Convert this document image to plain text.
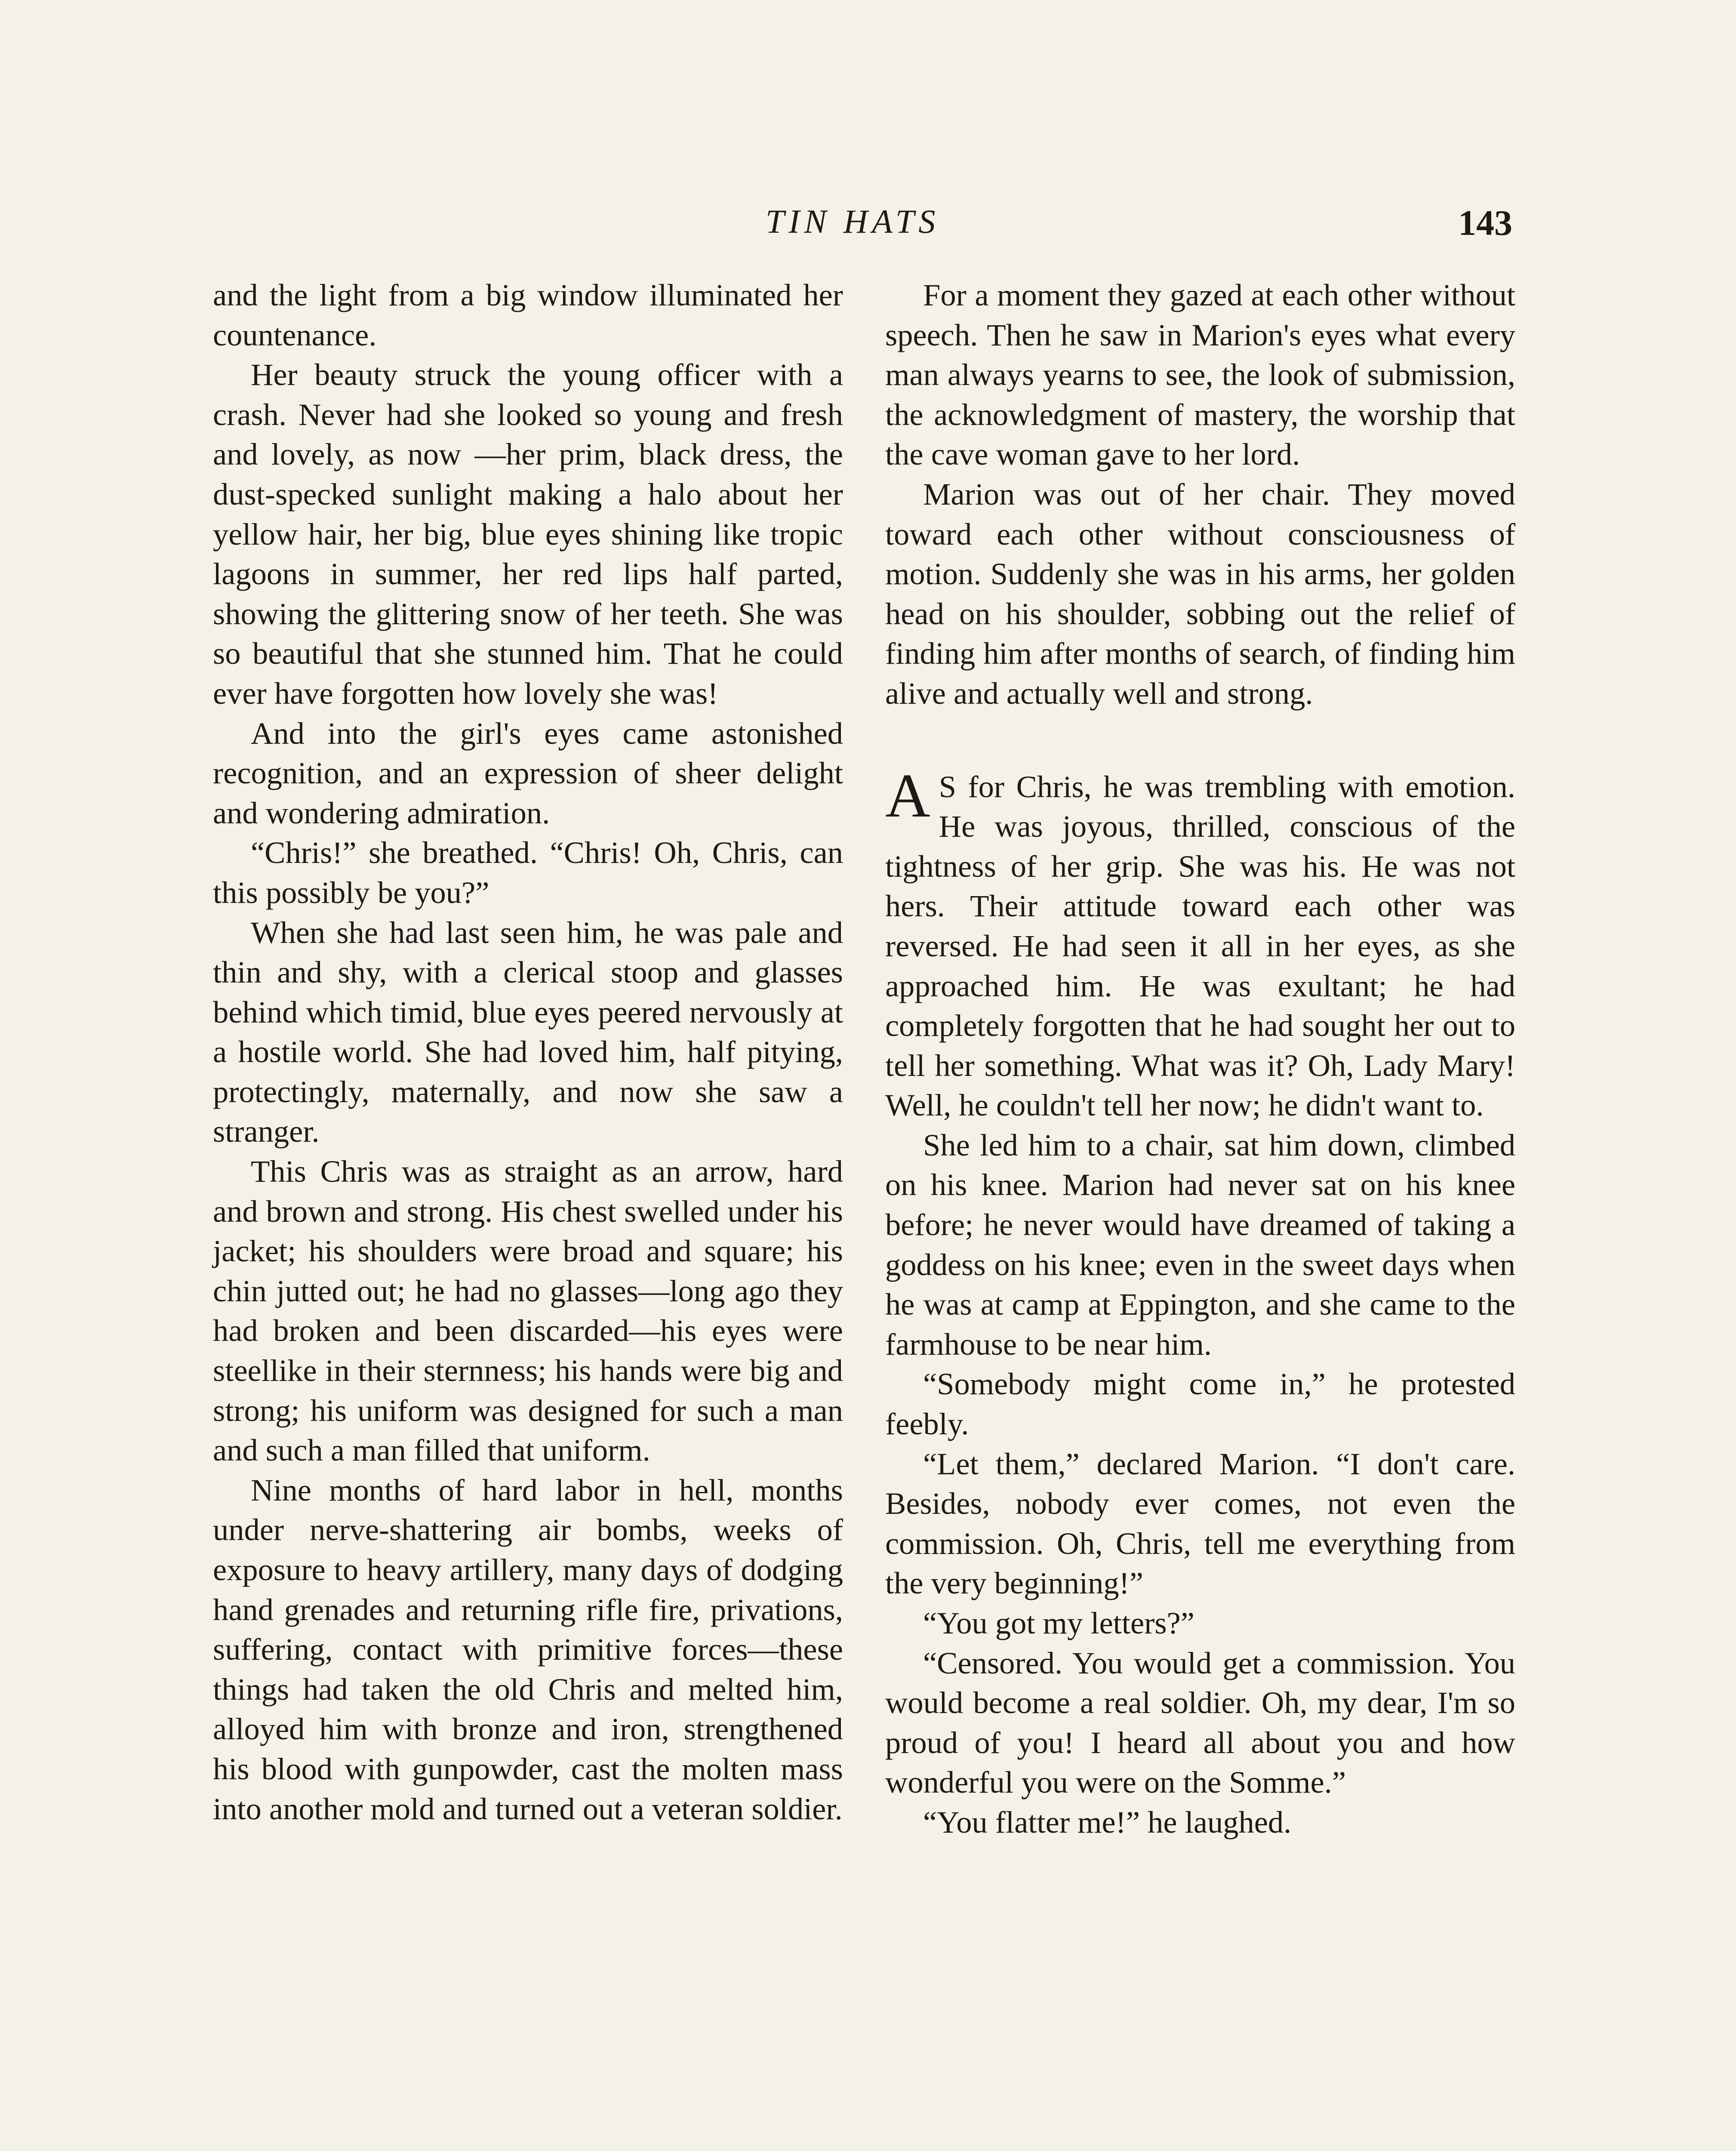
TIN HATS	143

and the light from a big window illuminated her countenance.

Her beauty struck the young officer with a crash. Never had she looked so young and fresh and lovely, as now —her prim, black dress, the dust-specked sunlight making a halo about her yellow hair, her big, blue eyes shining like tropic lagoons in summer, her red lips half parted, showing the glittering snow of her teeth. She was so beautiful that she stunned him. That he could ever have forgotten how lovely she was!

And into the girl's eyes came astonished recognition, and an expression of sheer delight and wondering admiration.

“Chris!” she breathed. “Chris! Oh, Chris, can this possibly be you?”

When she had last seen him, he was pale and thin and shy, with a clerical stoop and glasses behind which timid, blue eyes peered nervously at a hostile world. She had loved him, half pitying, protectingly, maternally, and now she saw a stranger.

This Chris was as straight as an arrow, hard and brown and strong. His chest swelled under his jacket; his shoulders were broad and square; his chin jutted out; he had no glasses—long ago they had broken and been discarded—his eyes were steellike in their sternness; his hands were big and strong; his uniform was designed for such a man and such a man filled that uniform.

Nine months of hard labor in hell, months under nerve-shattering air bombs, weeks of exposure to heavy artillery, many days of dodging hand grenades and returning rifle fire, privations, suffering, contact with primitive forces—these things had taken the old Chris and melted him, alloyed him with bronze and iron, strengthened his blood with gunpowder, cast the molten mass into another mold and turned out a veteran soldier.

For a moment they gazed at each other without speech. Then he saw in Marion's eyes what every man always yearns to see, the look of submission, the acknowledgment of mastery, the worship that the cave woman gave to her lord.

Marion was out of her chair. They moved toward each other without consciousness of motion. Suddenly she was in his arms, her golden head on his shoulder, sobbing out the relief of finding him after months of search, of finding him alive and actually well and strong.

A S for Chris, he was trembling with emotion. He was joyous, thrilled, conscious of the tightness of her grip. She was his. He was not hers. Their attitude toward each other was reversed. He had seen it all in her eyes, as she approached him. He was exultant; he had completely forgotten that he had sought her out to tell her something. What was it? Oh, Lady Mary! Well, he couldn't tell her now; he didn't want to.

She led him to a chair, sat him down, climbed on his knee. Marion had never sat on his knee before; he never would have dreamed of taking a goddess on his knee; even in the sweet days when he was at camp at Eppington, and she came to the farmhouse to be near him.

“Somebody might come in,” he protested feebly.

“Let them,” declared Marion. “I don't care. Besides, nobody ever comes, not even the commission. Oh, Chris, tell me everything from the very beginning!”

“You got my letters?”

“Censored. You would get a commission. You would become a real soldier. Oh, my dear, I'm so proud of you! I heard all about you and how wonderful you were on the Somme.”

“You flatter me!” he laughed.
